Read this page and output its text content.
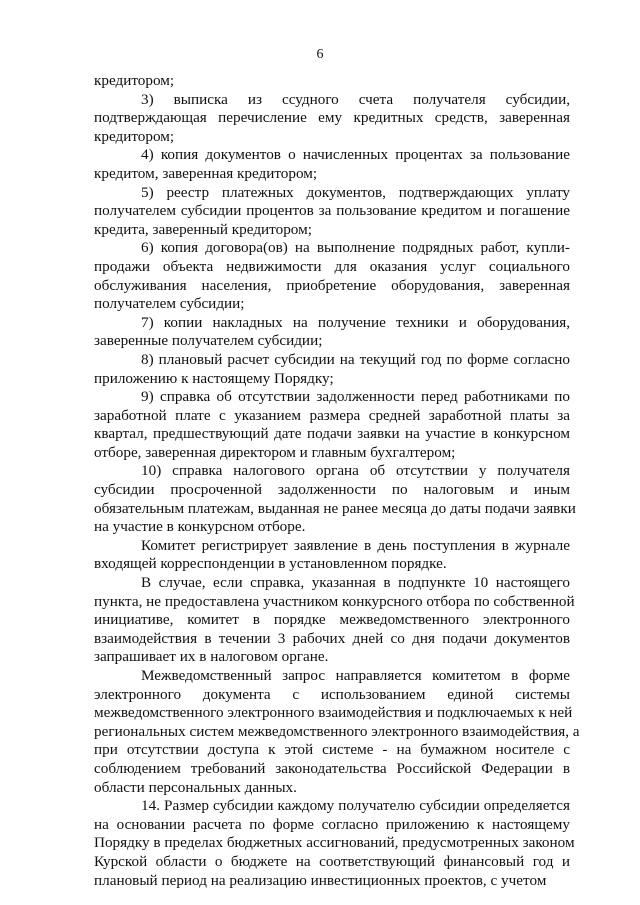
6
кредитором;
3) выписка из ссудного счета получателя субсидии,
подтверждающая перечисление ему кредитных средств, заверенная
кредитором;
4) копия документов о начисленных процентах за пользование
кредитом, заверенная кредитором;
5) реестр платежных документов, подтверждающих уплату
получателем субсидии процентов за пользование кредитом и погашение
кредита, заверенный кредитором;
6) копия договора(ов) на выполнение подрядных работ, купли-
продажи объекта недвижимости для оказания услуг социального
обслуживания населения, приобретение оборудования, заверенная
получателем субсидии;
7) копии накладных на получение техники и оборудования,
заверенные получателем субсидии;
8) плановый расчет субсидии на текущий год по форме согласно
приложению к настоящему Порядку;
9) справка об отсутствии задолженности перед работниками по
заработной плате с указанием размера средней заработной платы за
квартал, предшествующий дате подачи заявки на участие в конкурсном
отборе, заверенная директором и главным бухгалтером;
10) справка налогового органа об отсутствии у получателя
субсидии просроченной задолженности по налоговым и иным
обязательным платежам, выданная не ранее месяца до даты подачи заявки
на участие в конкурсном отборе.
Комитет регистрирует заявление в день поступления в журнале
входящей корреспонденции в установленном порядке.
В случае, если справка, указанная в подпункте 10 настоящего
пункта, не предоставлена участником конкурсного отбора по собственной
инициативе, комитет в порядке межведомственного электронного
взаимодействия в течении 3 рабочих дней со дня подачи документов
запрашивает их в налоговом органе.
Межведомственный запрос направляется комитетом в форме
электронного документа с использованием единой системы
межведомственного электронного взаимодействия и подключаемых к ней
региональных систем межведомственного электронного взаимодействия, а
при отсутствии доступа к этой системе - на бумажном носителе с
соблюдением требований законодательства Российской Федерации в
области персональных данных.
14. Размер субсидии каждому получателю субсидии определяется
на основании расчета по форме согласно приложению к настоящему
Порядку в пределах бюджетных ассигнований, предусмотренных законом
Курской области о бюджете на соответствующий финансовый год и
плановый период на реализацию инвестиционных проектов, с учетом
